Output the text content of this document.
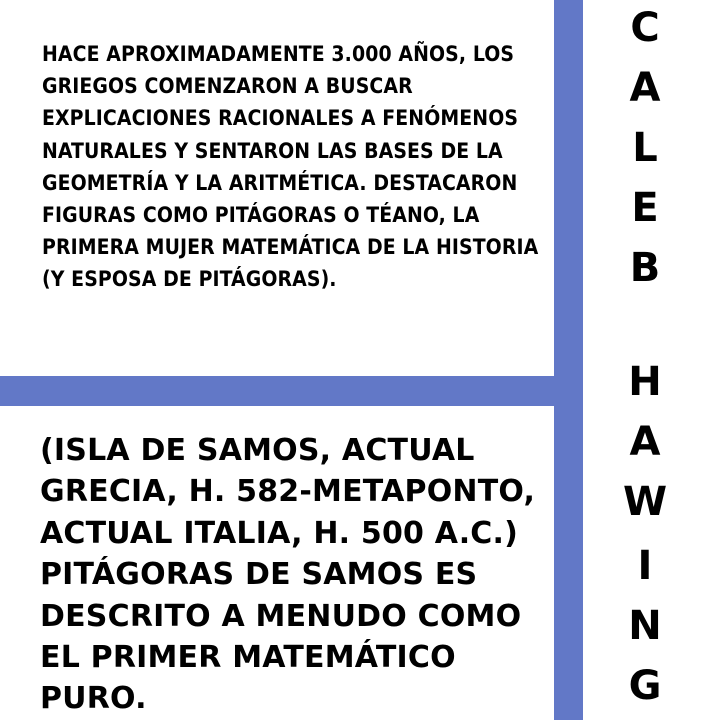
HACE APROXIMADAMENTE 3.000 AÑOS, LOS GRIEGOS COMENZARON A BUSCAR EXPLICACIONES RACIONALES A FENÓMENOS NATURALES Y SENTARON LAS BASES DE LA GEOMETRÍA Y LA ARITMÉTICA. DESTACARON FIGURAS COMO PITÁGORAS O TÉANO, LA PRIMERA MUJER MATEMÁTICA DE LA HISTORIA (Y ESPOSA DE PITÁGORAS).

(ISLA DE SAMOS, ACTUAL GRECIA, H. 582-METAPONTO, ACTUAL ITALIA, H. 500 A.C.) PITÁGORAS DE SAMOS ES DESCRITO A MENUDO COMO EL PRIMER MATEMÁTICO PURO.

C
A
L
E
B
H
A
W
I
N
G
